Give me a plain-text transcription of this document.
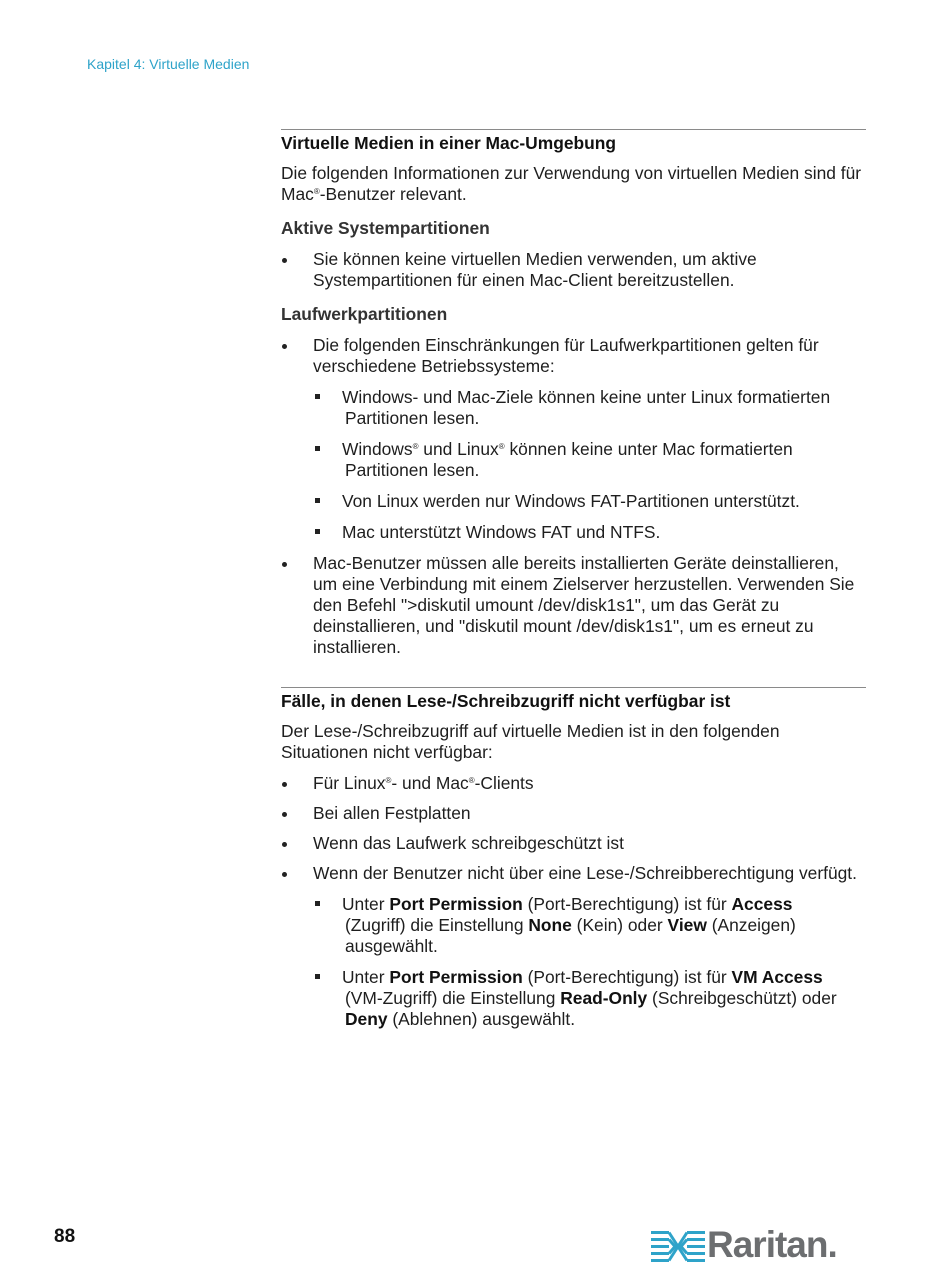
Kapitel 4: Virtuelle Medien
Virtuelle Medien in einer Mac-Umgebung

Die folgenden Informationen zur Verwendung von virtuellen Medien sind für Mac®-Benutzer relevant.

Aktive Systempartitionen
Sie können keine virtuellen Medien verwenden, um aktive Systempartitionen für einen Mac-Client bereitzustellen.
Laufwerkpartitionen
Die folgenden Einschränkungen für Laufwerkpartitionen gelten für verschiedene Betriebssysteme:
Windows- und Mac-Ziele können keine unter Linux formatierten
Partitionen lesen.
Windows® und Linux® können keine unter Mac formatierten
Partitionen lesen.
Von Linux werden nur Windows FAT-Partitionen unterstützt.
Mac unterstützt Windows FAT und NTFS.
Mac-Benutzer müssen alle bereits installierten Geräte deinstallieren, um eine Verbindung mit einem Zielserver herzustellen. Verwenden Sie den Befehl ">diskutil umount /dev/disk1s1", um das Gerät zu deinstallieren, und "diskutil mount /dev/disk1s1", um es erneut zu installieren.
Fälle, in denen Lese-/Schreibzugriff nicht verfügbar ist

Der Lese-/Schreibzugriff auf virtuelle Medien ist in den folgenden Situationen nicht verfügbar:

Für Linux®- und Mac®-Clients
Bei allen Festplatten
Wenn das Laufwerk schreibgeschützt ist
Wenn der Benutzer nicht über eine Lese-/Schreibberechtigung verfügt.
Unter Port Permission (Port-Berechtigung) ist für Access
(Zugriff) die Einstellung None (Kein) oder View (Anzeigen)
ausgewählt.
Unter Port Permission (Port-Berechtigung) ist für VM Access
(VM-Zugriff) die Einstellung Read-Only (Schreibgeschützt) oder
Deny (Ablehnen) ausgewählt.
88	Raritan.
